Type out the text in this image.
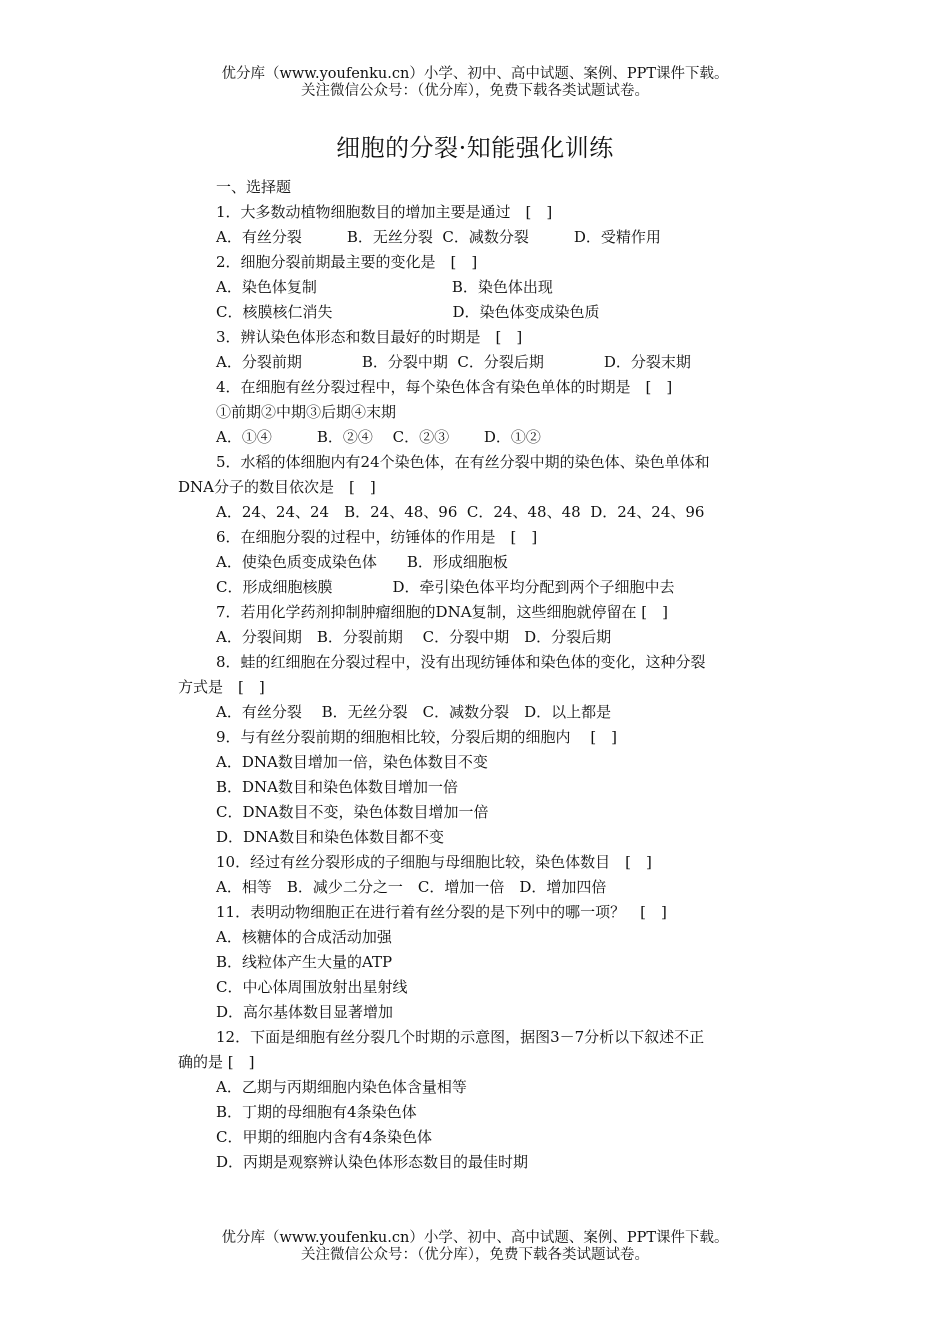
优分库（www.youfenku.cn）小学、初中、高中试题、案例、PPT课件下载。
关注微信公众号：（优分库），免费下载各类试题试卷。
细胞的分裂·知能强化训练
一、选择题
1．大多数动植物细胞数目的增加主要是通过　[　]
A．有丝分裂　　　B．无丝分裂  C．减数分裂　　　D．受精作用
2．细胞分裂前期最主要的变化是　[　]
A．染色体复制　　　　　　　　　B．染色体出现
C．核膜核仁消失　　　　　　　　D．染色体变成染色质
3．辨认染色体形态和数目最好的时期是　[　]
A．分裂前期　　　　B．分裂中期  C．分裂后期　　　　D．分裂末期
4．在细胞有丝分裂过程中，每个染色体含有染色单体的时期是　[　]
①前期②中期③后期④末期
A．①④　　　B．②④　 C．②③　　 D．①②
5．水稻的体细胞内有24个染色体，在有丝分裂中期的染色体、染色单体和
DNA分子的数目依次是　[　]
A．24、24、24　B．24、48、96  C．24、48、48  D．24、24、96
6．在细胞分裂的过程中，纺锤体的作用是　[　]
A．使染色质变成染色体　　B．形成细胞板
C．形成细胞核膜　　　　D．牵引染色体平均分配到两个子细胞中去
7．若用化学药剂抑制肿瘤细胞的DNA复制，这些细胞就停留在 [　]
A．分裂间期　B．分裂前期　 C．分裂中期　D．分裂后期
8．蛙的红细胞在分裂过程中，没有出现纺锤体和染色体的变化，这种分裂
方式是　[　]
A．有丝分裂　 B．无丝分裂　C．减数分裂　D．以上都是
9．与有丝分裂前期的细胞相比较，分裂后期的细胞内　 [　]
A．DNA数目增加一倍，染色体数目不变
B．DNA数目和染色体数目增加一倍
C．DNA数目不变，染色体数目增加一倍
D．DNA数目和染色体数目都不变
10．经过有丝分裂形成的子细胞与母细胞比较，染色体数目　[　]
A．相等　B．减少二分之一　C．增加一倍　D．增加四倍
11．表明动物细胞正在进行着有丝分裂的是下列中的哪一项？　[　]
A．核糖体的合成活动加强
B．线粒体产生大量的ATP
C．中心体周围放射出星射线
D．高尔基体数目显著增加
12．下面是细胞有丝分裂几个时期的示意图，据图3－7分析以下叙述不正
确的是 [　]
A．乙期与丙期细胞内染色体含量相等
B．丁期的母细胞有4条染色体
C．甲期的细胞内含有4条染色体
D．丙期是观察辨认染色体形态数目的最佳时期
优分库（www.youfenku.cn）小学、初中、高中试题、案例、PPT课件下载。
关注微信公众号：（优分库），免费下载各类试题试卷。
